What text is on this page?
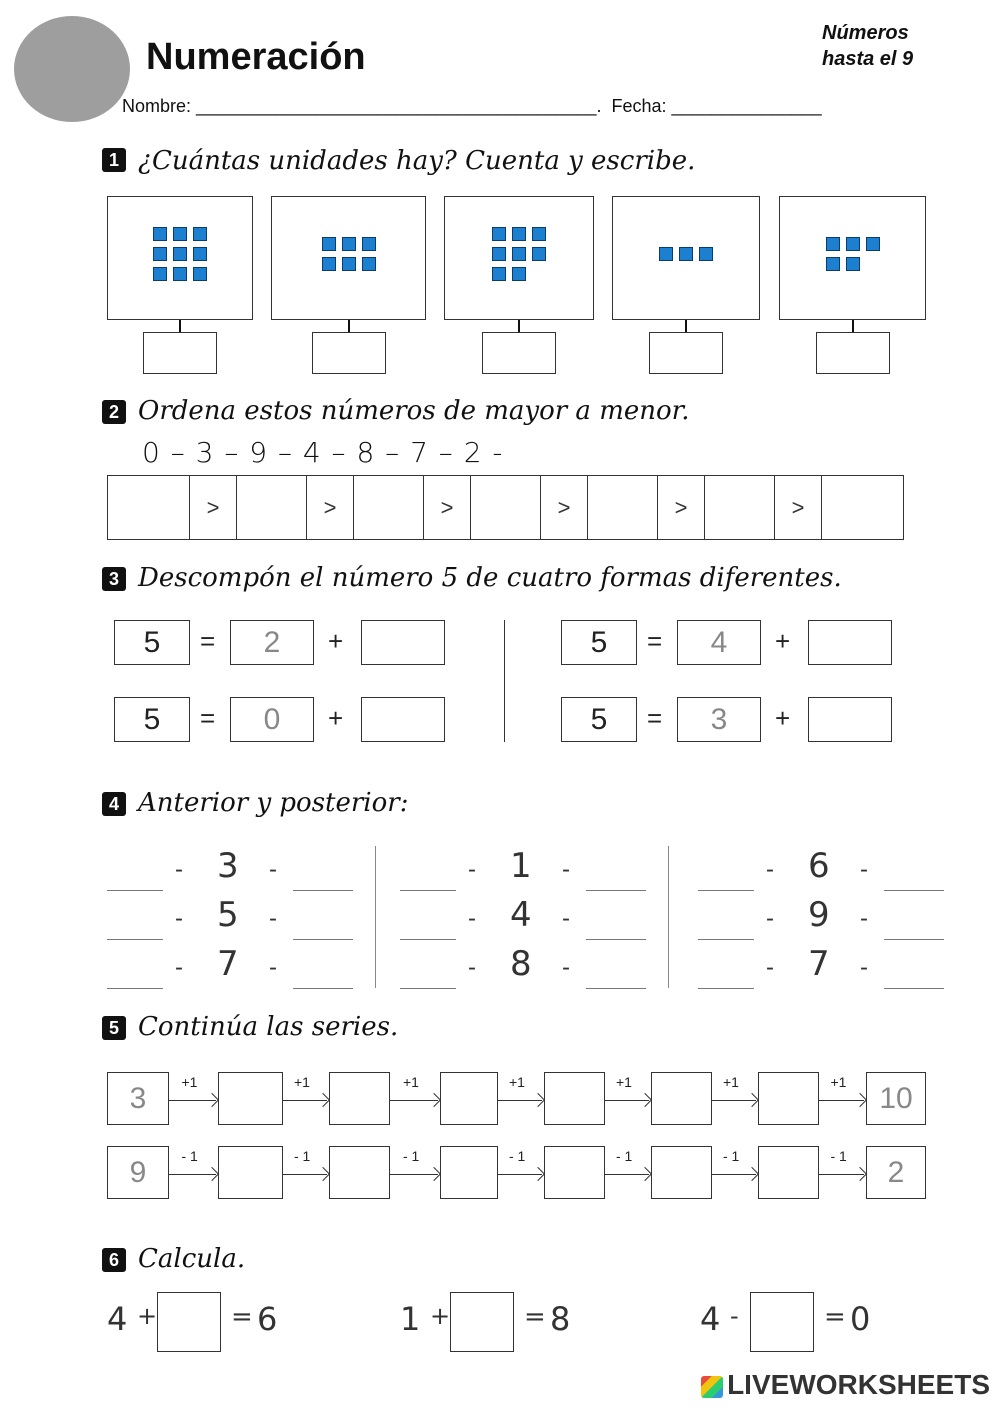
Numeración
Números
hasta el 9
Nombre: ________________________________________.  Fecha: _______________
1 ¿Cuántas unidades hay? Cuenta y escribe.
2 Ordena estos números de mayor a menor.
0 – 3 – 9 – 4 – 8 – 7 – 2 -
>	>	>	>	>	>
3 Descompón el número 5 de cuatro formas diferentes.
4 Anterior y posterior:
5 Continúa las series.
6 Calcula.
LIVEWORKSHEETS
5	=	2	+
5	=	0	+
5	=	4	+
5	=	3	+
- 3 -
- 5 -
- 7 -
- 1 -
- 4 -
- 8 -
- 6 -
- 9 -
- 7 -
3	+1	+1	+1	+1	+1	+1	+1	10
9	- 1	- 1	- 1	- 1	- 1	- 1	- 1	2
4 +	= 6	1 +	= 8	4 -	= 0
